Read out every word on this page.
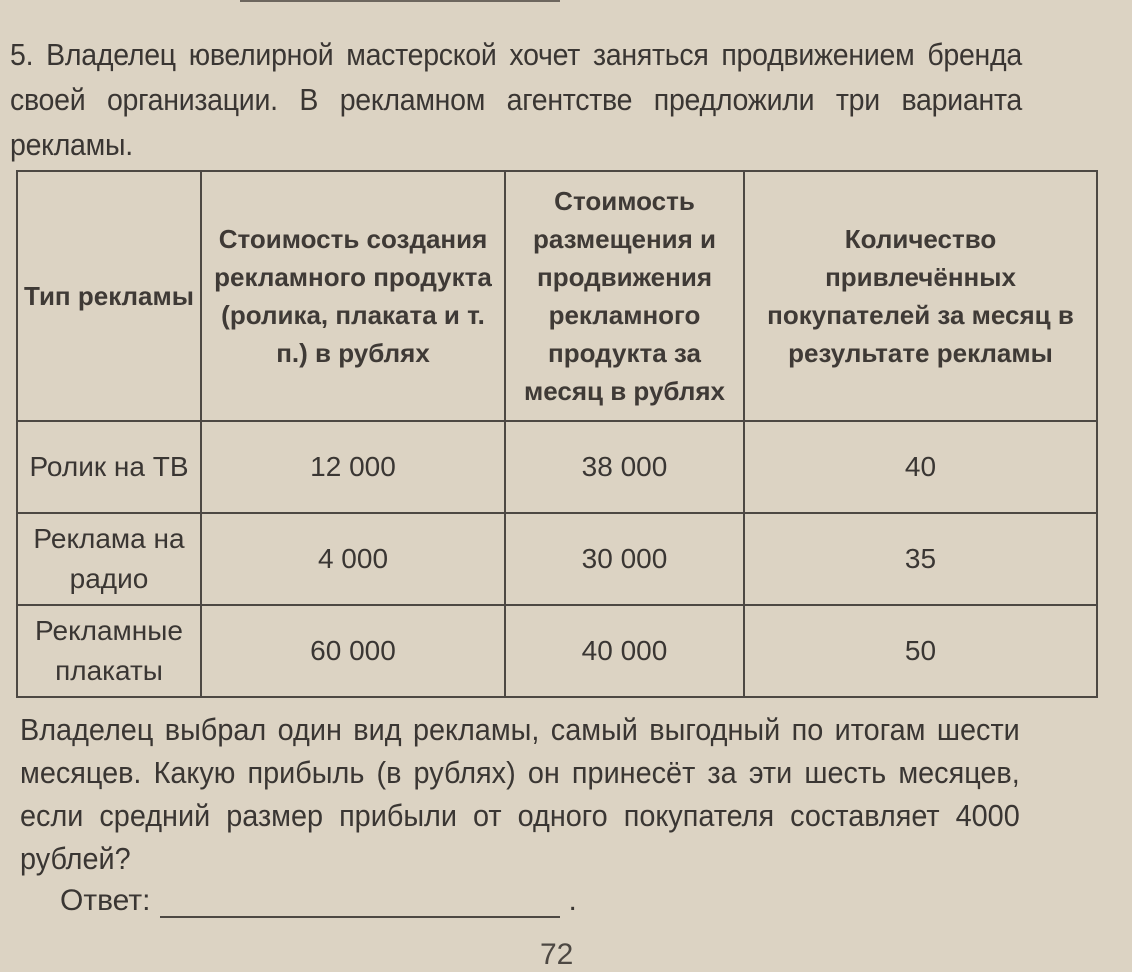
5. Владелец ювелирной мастерской хочет заняться продвижением бренда своей организации. В рекламном агентстве предложили три варианта рекламы.

Тип рекламы	Стоимость создания рекламного продукта (ролика, плаката и т. п.) в рублях	Стоимость размещения и продвижения рекламного продукта за месяц в рублях	Количество привлечённых покупателей за месяц в результате рекламы
Ролик на ТВ	12 000	38 000	40
Реклама на радио	4 000	30 000	35
Рекламные плакаты	60 000	40 000	50

Владелец выбрал один вид рекламы, самый выгодный по итогам шести месяцев. Какую прибыль (в рублях) он принесёт за эти шесть месяцев, если средний размер прибыли от одного покупателя составляет 4000 рублей?

Ответ:	.
72
